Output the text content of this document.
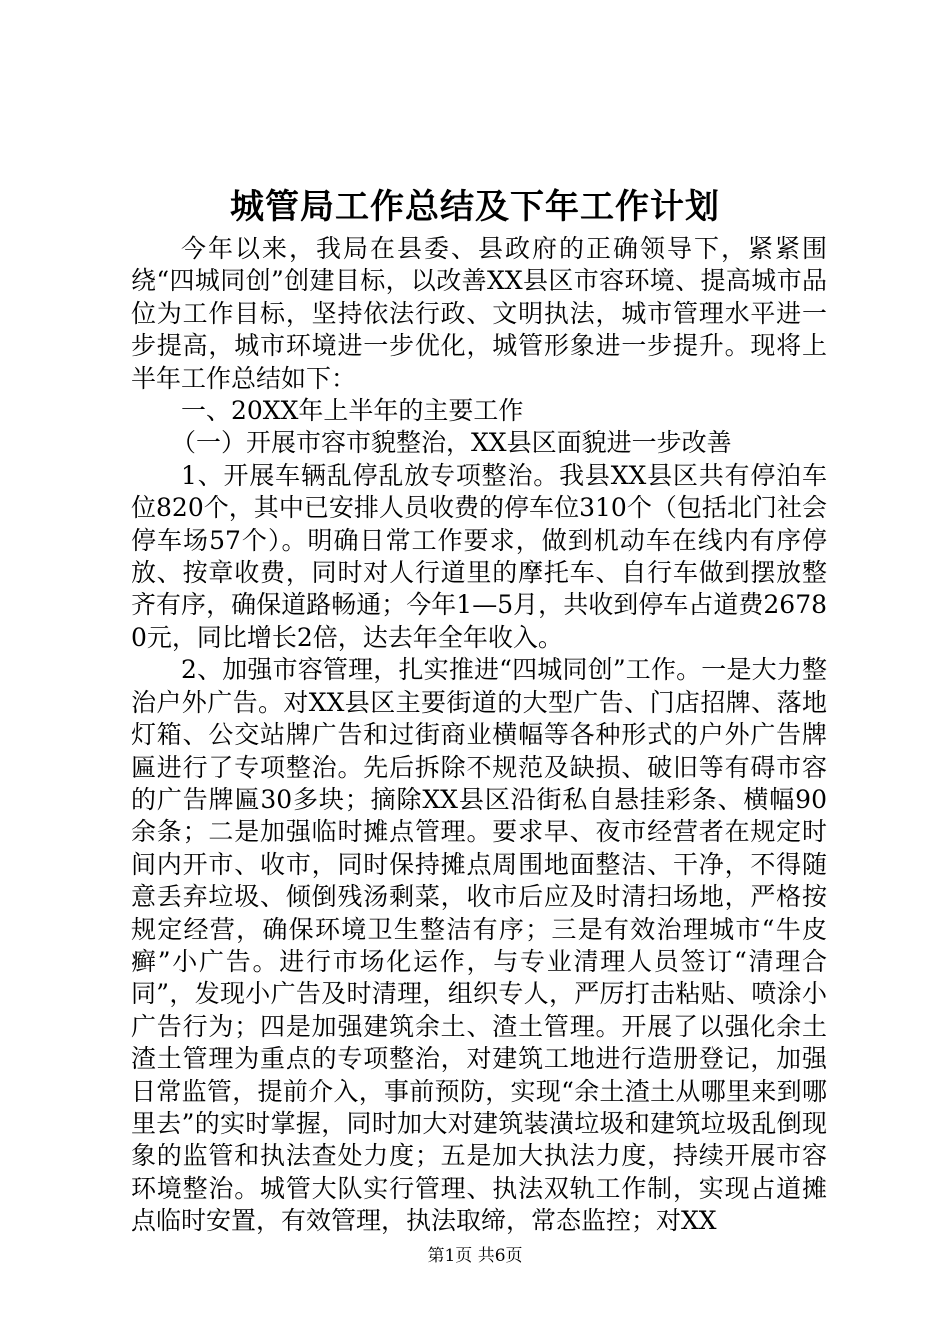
城管局工作总结及下年工作计划

今年以来，我局在县委、县政府的正确领导下，紧紧围绕“四城同创”创建目标，以改善XX县区市容环境、提高城市品位为工作目标，坚持依法行政、文明执法，城市管理水平进一步提高，城市环境进一步优化，城管形象进一步提升。现将上半年工作总结如下：

一、20XX年上半年的主要工作

（一）开展市容市貌整治，XX县区面貌进一步改善

1、开展车辆乱停乱放专项整治。我县XX县区共有停泊车位820个，其中已安排人员收费的停车位310个（包括北门社会停车场57个）。明确日常工作要求，做到机动车在线内有序停放、按章收费，同时对人行道里的摩托车、自行车做到摆放整齐有序，确保道路畅通；今年1—5月，共收到停车占道费26780元，同比增长2倍，达去年全年收入。

2、加强市容管理，扎实推进“四城同创”工作。一是大力整治户外广告。对XX县区主要街道的大型广告、门店招牌、落地灯箱、公交站牌广告和过街商业横幅等各种形式的户外广告牌匾进行了专项整治。先后拆除不规范及缺损、破旧等有碍市容的广告牌匾30多块；摘除XX县区沿街私自悬挂彩条、横幅90余条；二是加强临时摊点管理。要求早、夜市经营者在规定时间内开市、收市，同时保持摊点周围地面整洁、干净，不得随意丢弃垃圾、倾倒残汤剩菜，收市后应及时清扫场地，严格按规定经营，确保环境卫生整洁有序；三是有效治理城市“牛皮癣”小广告。进行市场化运作，与专业清理人员签订“清理合同”，发现小广告及时清理，组织专人，严厉打击粘贴、喷涂小广告行为；四是加强建筑余土、渣土管理。开展了以强化余土渣土管理为重点的专项整治，对建筑工地进行造册登记，加强日常监管，提前介入，事前预防，实现“余土渣土从哪里来到哪里去”的实时掌握，同时加大对建筑装潢垃圾和建筑垃圾乱倒现象的监管和执法查处力度；五是加大执法力度，持续开展市容环境整治。城管大队实行管理、执法双轨工作制，实现占道摊点临时安置，有效管理，执法取缔，常态监控；对XX

第1页 共6页
